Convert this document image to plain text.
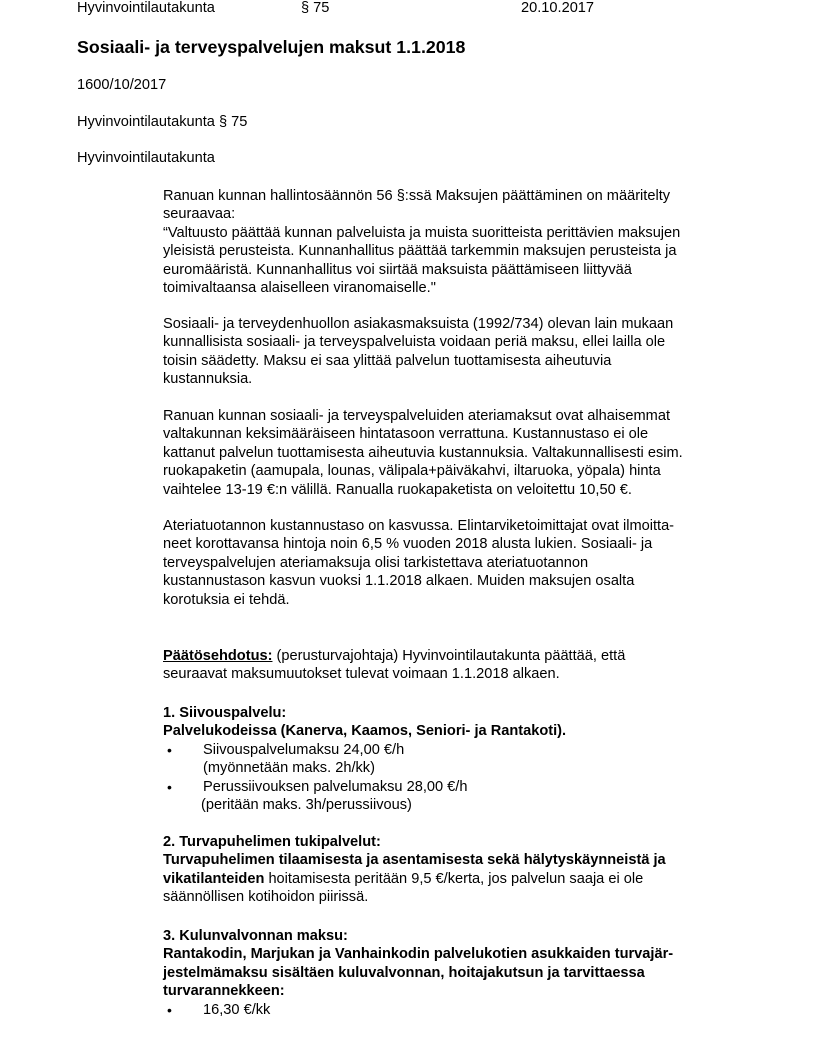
Hyvinvointilautakunta	§ 75	20.10.2017
Sosiaali- ja terveyspalvelujen maksut 1.1.2018
1600/10/2017
Hyvinvointilautakunta § 75
Hyvinvointilautakunta

Ranuan kunnan hallintosäännön 56 §:ssä Maksujen päättäminen on määritelty

seuraavaa:

“Valtuusto päättää kunnan palveluista ja muista suoritteista perittävien maksujen

yleisistä perusteista. Kunnanhallitus päättää tarkemmin maksujen perusteista ja

euromääristä. Kunnanhallitus voi siirtää maksuista päättämiseen liittyvää

toimivaltaansa alaiselleen viranomaiselle."

Sosiaali- ja terveydenhuollon asiakasmaksuista (1992/734) olevan lain mukaan

kunnallisista sosiaali- ja terveyspalveluista voidaan periä maksu, ellei lailla ole

toisin säädetty. Maksu ei saa ylittää palvelun tuottamisesta aiheutuvia

kustannuksia.

Ranuan kunnan sosiaali- ja terveyspalveluiden ateriamaksut ovat alhaisemmat

valtakunnan keksimääräiseen hintatasoon verrattuna. Kustannustaso ei ole

kattanut palvelun tuottamisesta aiheutuvia kustannuksia. Valtakunnallisesti esim.

ruokapaketin (aamupala, lounas, välipala+päiväkahvi, iltaruoka, yöpala) hinta

vaihtelee 13-19 €:n välillä. Ranualla ruokapaketista on veloitettu 10,50 €.

Ateriatuotannon kustannustaso on kasvussa. Elintarviketoimittajat ovat ilmoitta-

neet korottavansa hintoja noin 6,5 % vuoden 2018 alusta lukien. Sosiaali- ja

terveyspalvelujen ateriamaksuja olisi tarkistettava ateriatuotannon

kustannustason kasvun vuoksi 1.1.2018 alkaen. Muiden maksujen osalta

korotuksia ei tehdä.

Päätösehdotus: (perusturvajohtaja) Hyvinvointilautakunta päättää, että

seuraavat maksumuutokset tulevat voimaan 1.1.2018 alkaen.

1. Siivouspalvelu:

Palvelukodeissa (Kanerva, Kaamos, Seniori- ja Rantakoti).

• Siivouspalvelumaksu 24,00 €/h

(myönnetään maks. 2h/kk)

• Perussiivouksen palvelumaksu 28,00 €/h

(peritään maks. 3h/perussiivous)

2. Turvapuhelimen tukipalvelut:

Turvapuhelimen tilaamisesta ja asentamisesta sekä hälytyskäynneistä ja

vikatilanteiden hoitamisesta peritään 9,5 €/kerta, jos palvelun saaja ei ole

säännöllisen kotihoidon piirissä.

3. Kulunvalvonnan maksu:

Rantakodin, Marjukan ja Vanhainkodin palvelukotien asukkaiden turvajär-

jestelmämaksu sisältäen kuluvalvonnan, hoitajakutsun ja tarvittaessa

turvarannekkeen:

• 16,30 €/kk
